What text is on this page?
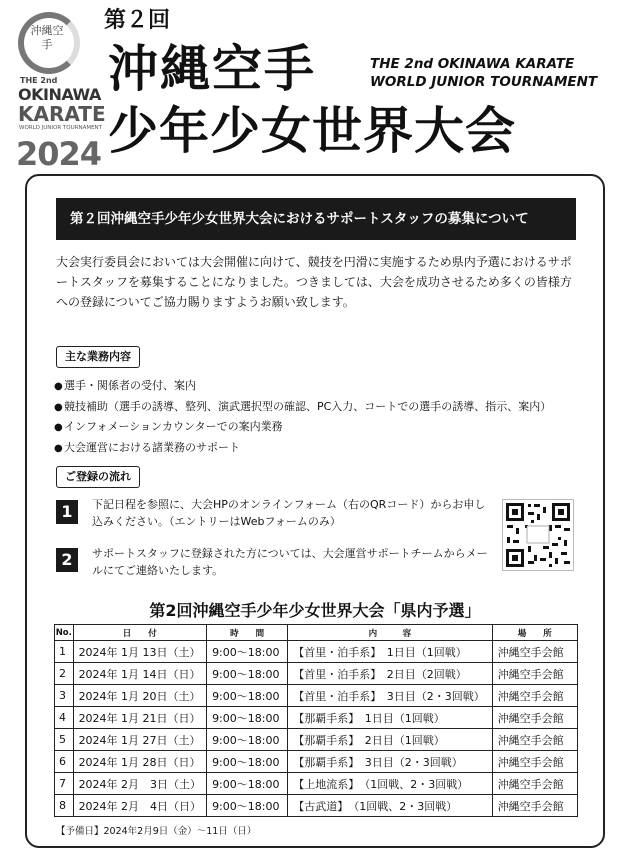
沖縄空手
THE 2nd
OKINAWA
KARATE
WORLD JUNIOR TOURNAMENT
2024
第２回
沖縄空手
少年少女世界大会
THE 2nd OKINAWA KARATE
WORLD JUNIOR TOURNAMENT
第２回沖縄空手少年少女世界大会におけるサポートスタッフの募集について
大会実行委員会においては大会開催に向けて、競技を円滑に実施するため県内予選におけるサポートスタッフを募集することになりました。つきましては、大会を成功させるため多くの皆様方への登録についてご協力賜りますようお願い致します。
主な業務内容
●選手・関係者の受付、案内
●競技補助（選手の誘導、整列、演武選択型の確認、PC入力、コートでの選手の誘導、指示、案内）
●インフォメーションカウンターでの案内業務
●大会運営における諸業務のサポート
ご登録の流れ
1	下記日程を参照に、大会HPのオンラインフォーム（右のQRコード）からお申し込みください。（エントリーはWebフォームのみ）
2	サポートスタッフに登録された方については、大会運営サポートチームからメールにてご連絡いたします。
第2回沖縄空手少年少女世界大会「県内予選」
No.	日　　付	時　　間	内　　　容	場　　所
1	2024年 1月 13日（土）	9:00～18:00	【首里・泊手系】　1日目（1回戦）	沖縄空手会館
2	2024年 1月 14日（日）	9:00～18:00	【首里・泊手系】　2日目（2回戦）	沖縄空手会館
3	2024年 1月 20日（土）	9:00～18:00	【首里・泊手系】　3日目（2・3回戦）	沖縄空手会館
4	2024年 1月 21日（日）	9:00～18:00	【那覇手系】　1日目（1回戦）	沖縄空手会館
5	2024年 1月 27日（土）	9:00～18:00	【那覇手系】　2日目（1回戦）	沖縄空手会館
6	2024年 1月 28日（日）	9:00～18:00	【那覇手系】　3日目（2・3回戦）	沖縄空手会館
7	2024年 2月　3日（土）	9:00～18:00	【上地流系】　（1回戦、2・3回戦）	沖縄空手会館
8	2024年 2月　4日（日）	9:00～18:00	【古武道】　（1回戦、2・3回戦）	沖縄空手会館
【予備日】2024年2月9日（金）～11日（日）
